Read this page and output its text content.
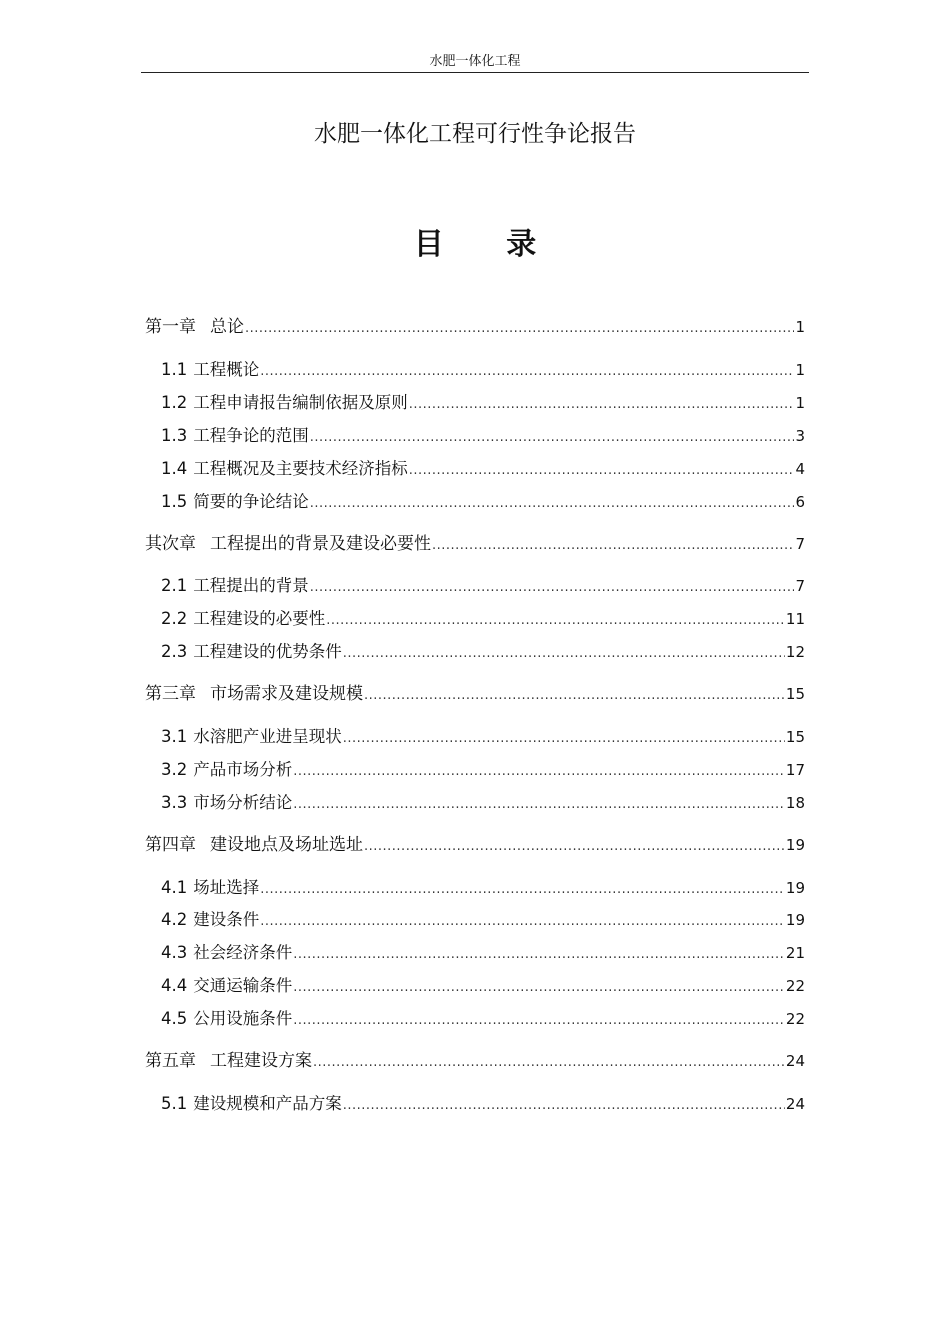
水肥一体化工程
水肥一体化工程可行性争论报告
目 录
第一章 总论 .....	1
1.1 工程概论 .....	1
1.2 工程申请报告编制依据及原则 .....	1
1.3 工程争论的范围 .....	3
1.4 工程概况及主要技术经济指标 .....	4
1.5 简要的争论结论 .....	6
其次章 工程提出的背景及建设必要性 .....	7
2.1 工程提出的背景 .....	7
2.2 工程建设的必要性 .....	11
2.3 工程建设的优势条件 .....	12
第三章 市场需求及建设规模 .....	15
3.1 水溶肥产业进呈现状 .....	15
3.2 产品市场分析 .....	17
3.3 市场分析结论 .....	18
第四章 建设地点及场址选址 .....	19
4.1 场址选择 .....	19
4.2 建设条件 .....	19
4.3 社会经济条件 .....	21
4.4 交通运输条件 .....	22
4.5 公用设施条件 .....	22
第五章 工程建设方案 .....	24
5.1 建设规模和产品方案 .....	24
